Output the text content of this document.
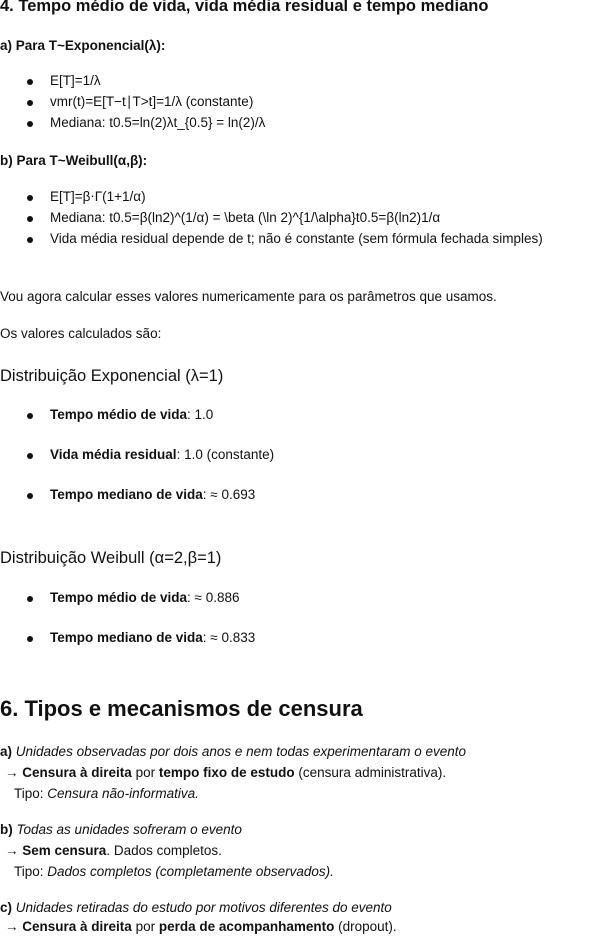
4. Tempo médio de vida, vida média residual e tempo mediano
a) Para T~Exponencial(λ):
E[T]=1/λ
vmr(t)=E[T−t∣T>t]=1/λ (constante)
Mediana: t0.5=ln(2)λt_{0.5} = ln(2)/λ
b) Para T~Weibull(α,β):
E[T]=β⋅Γ(1+1/α)
Mediana: t0.5=β(ln2)^(1/α) = \beta (\ln 2)^{1/\alpha}t0.5=β(ln2)1/α
Vida média residual depende de t; não é constante (sem fórmula fechada simples)
Vou agora calcular esses valores numericamente para os parâmetros que usamos.
Os valores calculados são:
Distribuição Exponencial (λ=1)
Tempo médio de vida: 1.0
Vida média residual: 1.0 (constante)
Tempo mediano de vida: ≈ 0.693
Distribuição Weibull (α=2,β=1)
Tempo médio de vida: ≈ 0.886
Tempo mediano de vida: ≈ 0.833
6. Tipos e mecanismos de censura
a) Unidades observadas por dois anos e nem todas experimentaram o evento
→ Censura à direita por tempo fixo de estudo (censura administrativa).
Tipo: Censura não-informativa.
b) Todas as unidades sofreram o evento
→ Sem censura. Dados completos.
Tipo: Dados completos (completamente observados).
c) Unidades retiradas do estudo por motivos diferentes do evento
→ Censura à direita por perda de acompanhamento (dropout).
